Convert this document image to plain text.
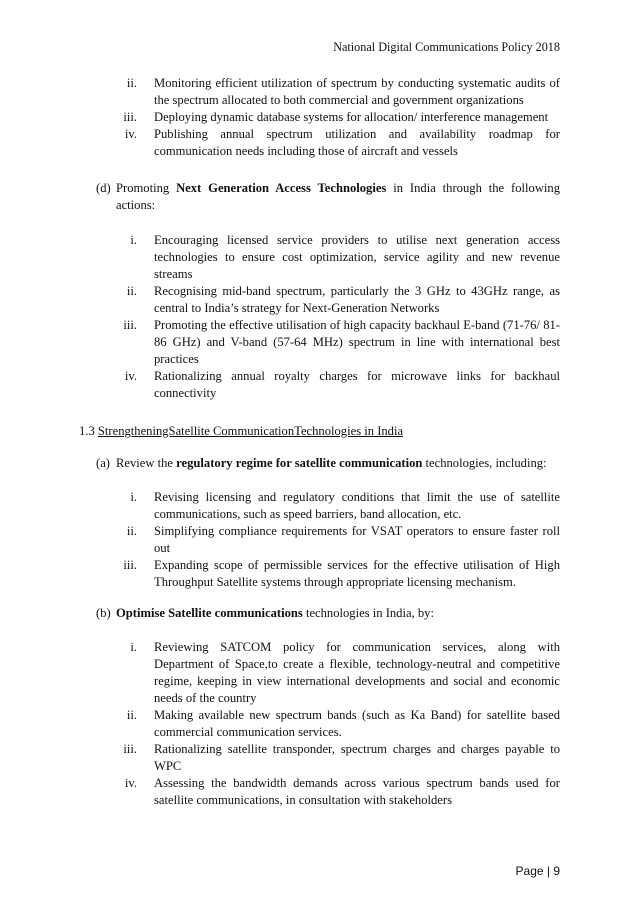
National Digital Communications Policy 2018
ii. Monitoring efficient utilization of spectrum by conducting systematic audits of the spectrum allocated to both commercial and government organizations
iii. Deploying dynamic database systems for allocation/ interference management
iv. Publishing annual spectrum utilization and availability roadmap for communication needs including those of aircraft and vessels
(d) Promoting Next Generation Access Technologies in India through the following actions:
i. Encouraging licensed service providers to utilise next generation access technologies to ensure cost optimization, service agility and new revenue streams
ii. Recognising mid-band spectrum, particularly the 3 GHz to 43GHz range, as central to India’s strategy for Next-Generation Networks
iii. Promoting the effective utilisation of high capacity backhaul E-band (71-76/ 81-86 GHz) and V-band (57-64 MHz) spectrum in line with international best practices
iv. Rationalizing annual royalty charges for microwave links for backhaul connectivity
1.3 StrengtheningSatellite CommunicationTechnologies in India
(a) Review the regulatory regime for satellite communication technologies, including:
i. Revising licensing and regulatory conditions that limit the use of satellite communications, such as speed barriers, band allocation, etc.
ii. Simplifying compliance requirements for VSAT operators to ensure faster roll out
iii. Expanding scope of permissible services for the effective utilisation of High Throughput Satellite systems through appropriate licensing mechanism.
(b) Optimise Satellite communications technologies in India, by:
i. Reviewing SATCOM policy for communication services, along with Department of Space,to create a flexible, technology-neutral and competitive regime, keeping in view international developments and social and economic needs of the country
ii. Making available new spectrum bands (such as Ka Band) for satellite based commercial communication services.
iii. Rationalizing satellite transponder, spectrum charges and charges payable to WPC
iv. Assessing the bandwidth demands across various spectrum bands used for satellite communications, in consultation with stakeholders
Page | 9
